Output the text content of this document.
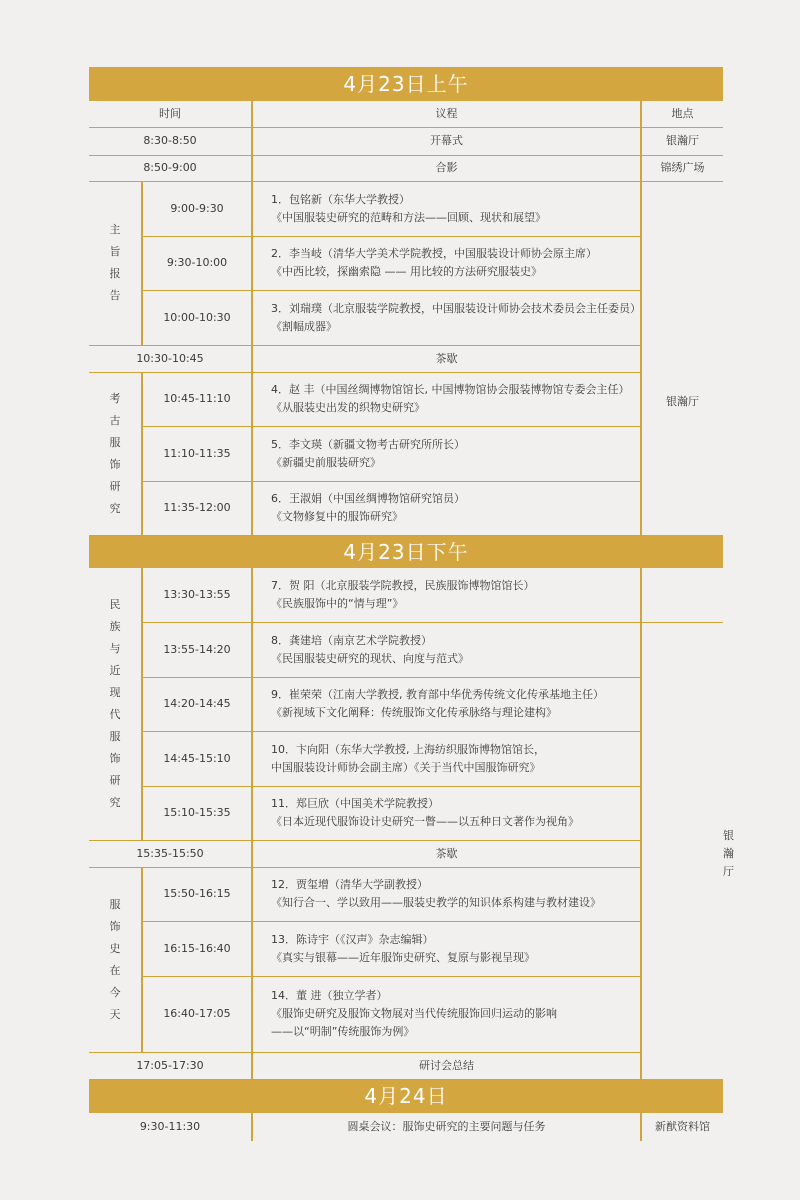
4月23日上午				
时间		议程	地点	
8:30-8:50		开幕式	银瀚厅	
8:50-9:00		合影	锦绣广场	
主旨报告	9:00-9:30	1．包铭新（东华大学教授）
《中国服装史研究的范畴和方法——回顾、现状和展望》	银瀚厅	
	9:30-10:00	2．李当岐（清华大学美术学院教授，中国服装设计师协会原主席）
《中西比较，探幽索隐 —— 用比较的方法研究服装史》		

	10:00-10:30	3．刘瑞璞（北京服装学院教授，中国服装设计师协会技术委员会主任委员）
《割幅成器》		

10:30-10:45		茶歇		
考古服饰研究	10:45-11:10	4．赵 丰（中国丝绸博物馆馆长, 中国博物馆协会服装博物馆专委会主任）
《从服装史出发的织物史研究》		

	11:10-11:35	5．李文瑛（新疆文物考古研究所所长）
《新疆史前服装研究》		

	11:35-12:00	6．王淑娟（中国丝绸博物馆研究馆员）
《文物修复中的服饰研究》		

4月23日下午				
民族与近现代服饰研究	13:30-13:55	7．贺 阳（北京服装学院教授，民族服饰博物馆馆长）
《民族服饰中的“情与理”》		银瀚厅
	13:55-14:20	8．龚建培（南京艺术学院教授）
《民国服装史研究的现状、向度与范式》		

	14:20-14:45	9．崔荣荣（江南大学教授, 教育部中华优秀传统文化传承基地主任）
《新视域下文化阐释：传统服饰文化传承脉络与理论建构》		

	14:45-15:10	10．卞向阳（东华大学教授, 上海纺织服饰博物馆馆长，
中国服装设计师协会副主席）《关于当代中国服饰研究》		

	15:10-15:35	11．郑巨欣（中国美术学院教授）
《日本近现代服饰设计史研究一瞥——以五种日文著作为视角》		

15:35-15:50		茶歇		
服饰史在今天	15:50-16:15	12．贾玺增（清华大学副教授）
《知行合一、学以致用——服装史教学的知识体系构建与教材建设》		

	16:15-16:40	13．陈诗宇（《汉声》杂志编辑）
《真实与银幕——近年服饰史研究、复原与影视呈现》		

	16:40-17:05	14．董 进（独立学者）
《服饰史研究及服饰文物展对当代传统服饰回归运动的影响
——以“明制”传统服饰为例》		

17:05-17:30		研讨会总结		
4月24日				
9:30-11:30		圆桌会议：服饰史研究的主要问题与任务	新猷资料馆	
